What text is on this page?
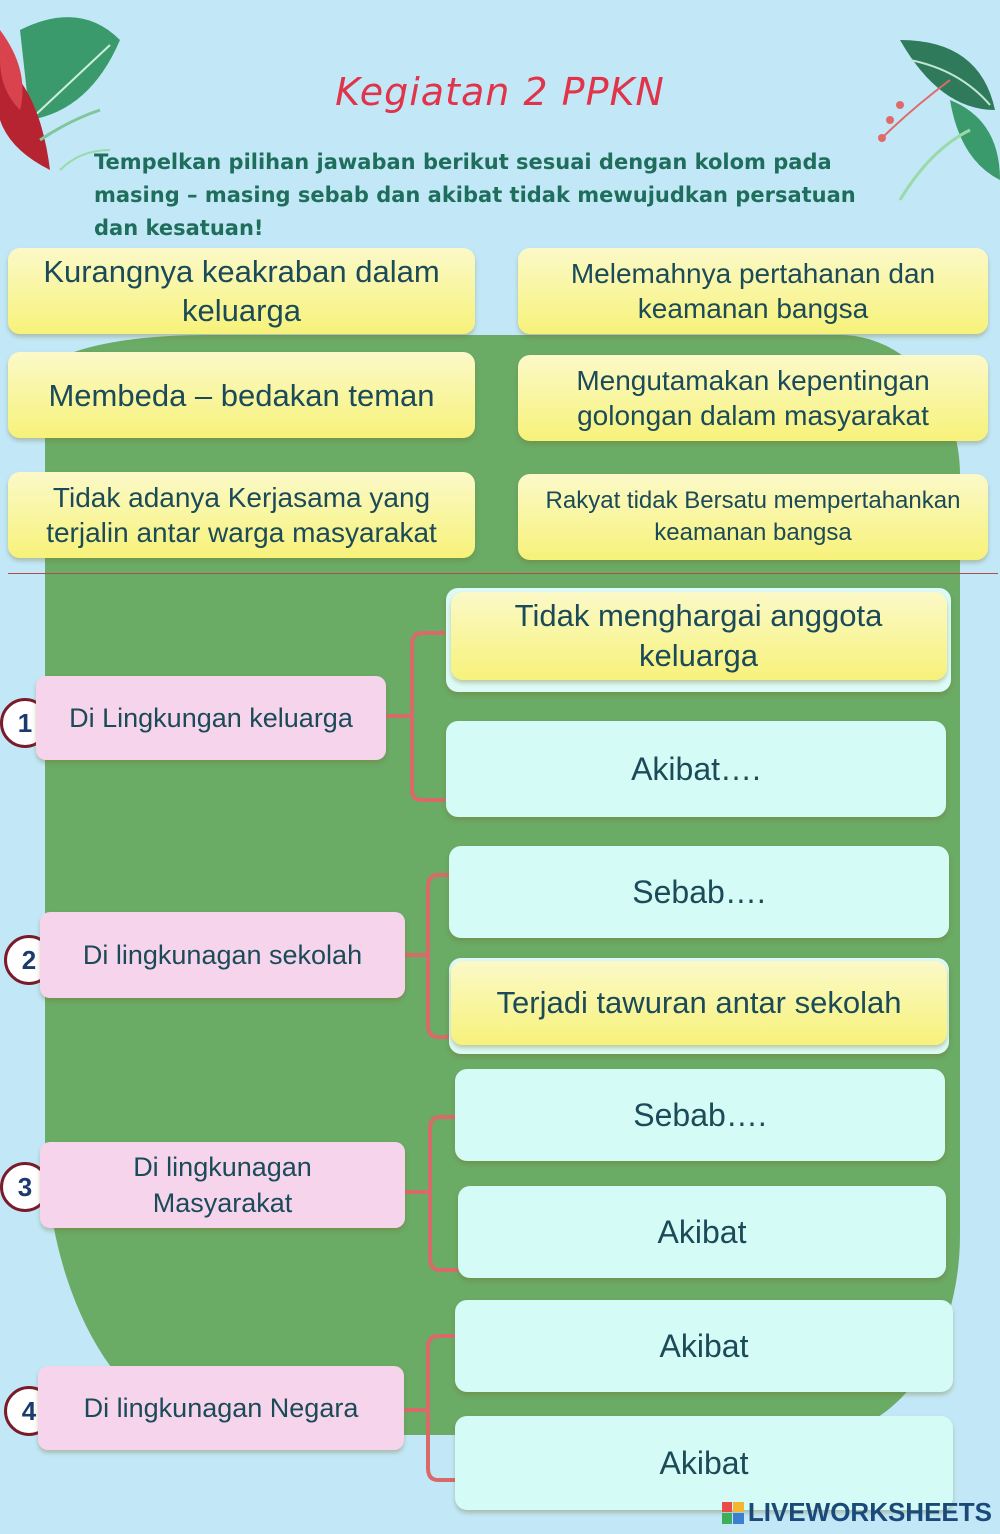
Kegiatan 2 PPKN
Tempelkan pilihan jawaban berikut sesuai dengan kolom pada masing – masing sebab dan akibat tidak mewujudkan persatuan dan kesatuan!
Kurangnya keakraban dalam keluarga
Melemahnya pertahanan dan keamanan bangsa
Membeda – bedakan teman	Mengutamakan kepentingan golongan dalam masyarakat
Tidak adanya Kerjasama yang terjalin antar warga masyarakat
Rakyat tidak Bersatu mempertahankan keamanan bangsa
1	Di Lingkungan keluarga
Tidak menghargai anggota keluarga
Akibat….
2	Di lingkunagan sekolah
Sebab….
Terjadi tawuran antar sekolah
3
Di lingkunagan Masyarakat
Sebab….
Akibat
4	Di lingkunagan Negara
Akibat
Akibat
LIVEWORKSHEETS
